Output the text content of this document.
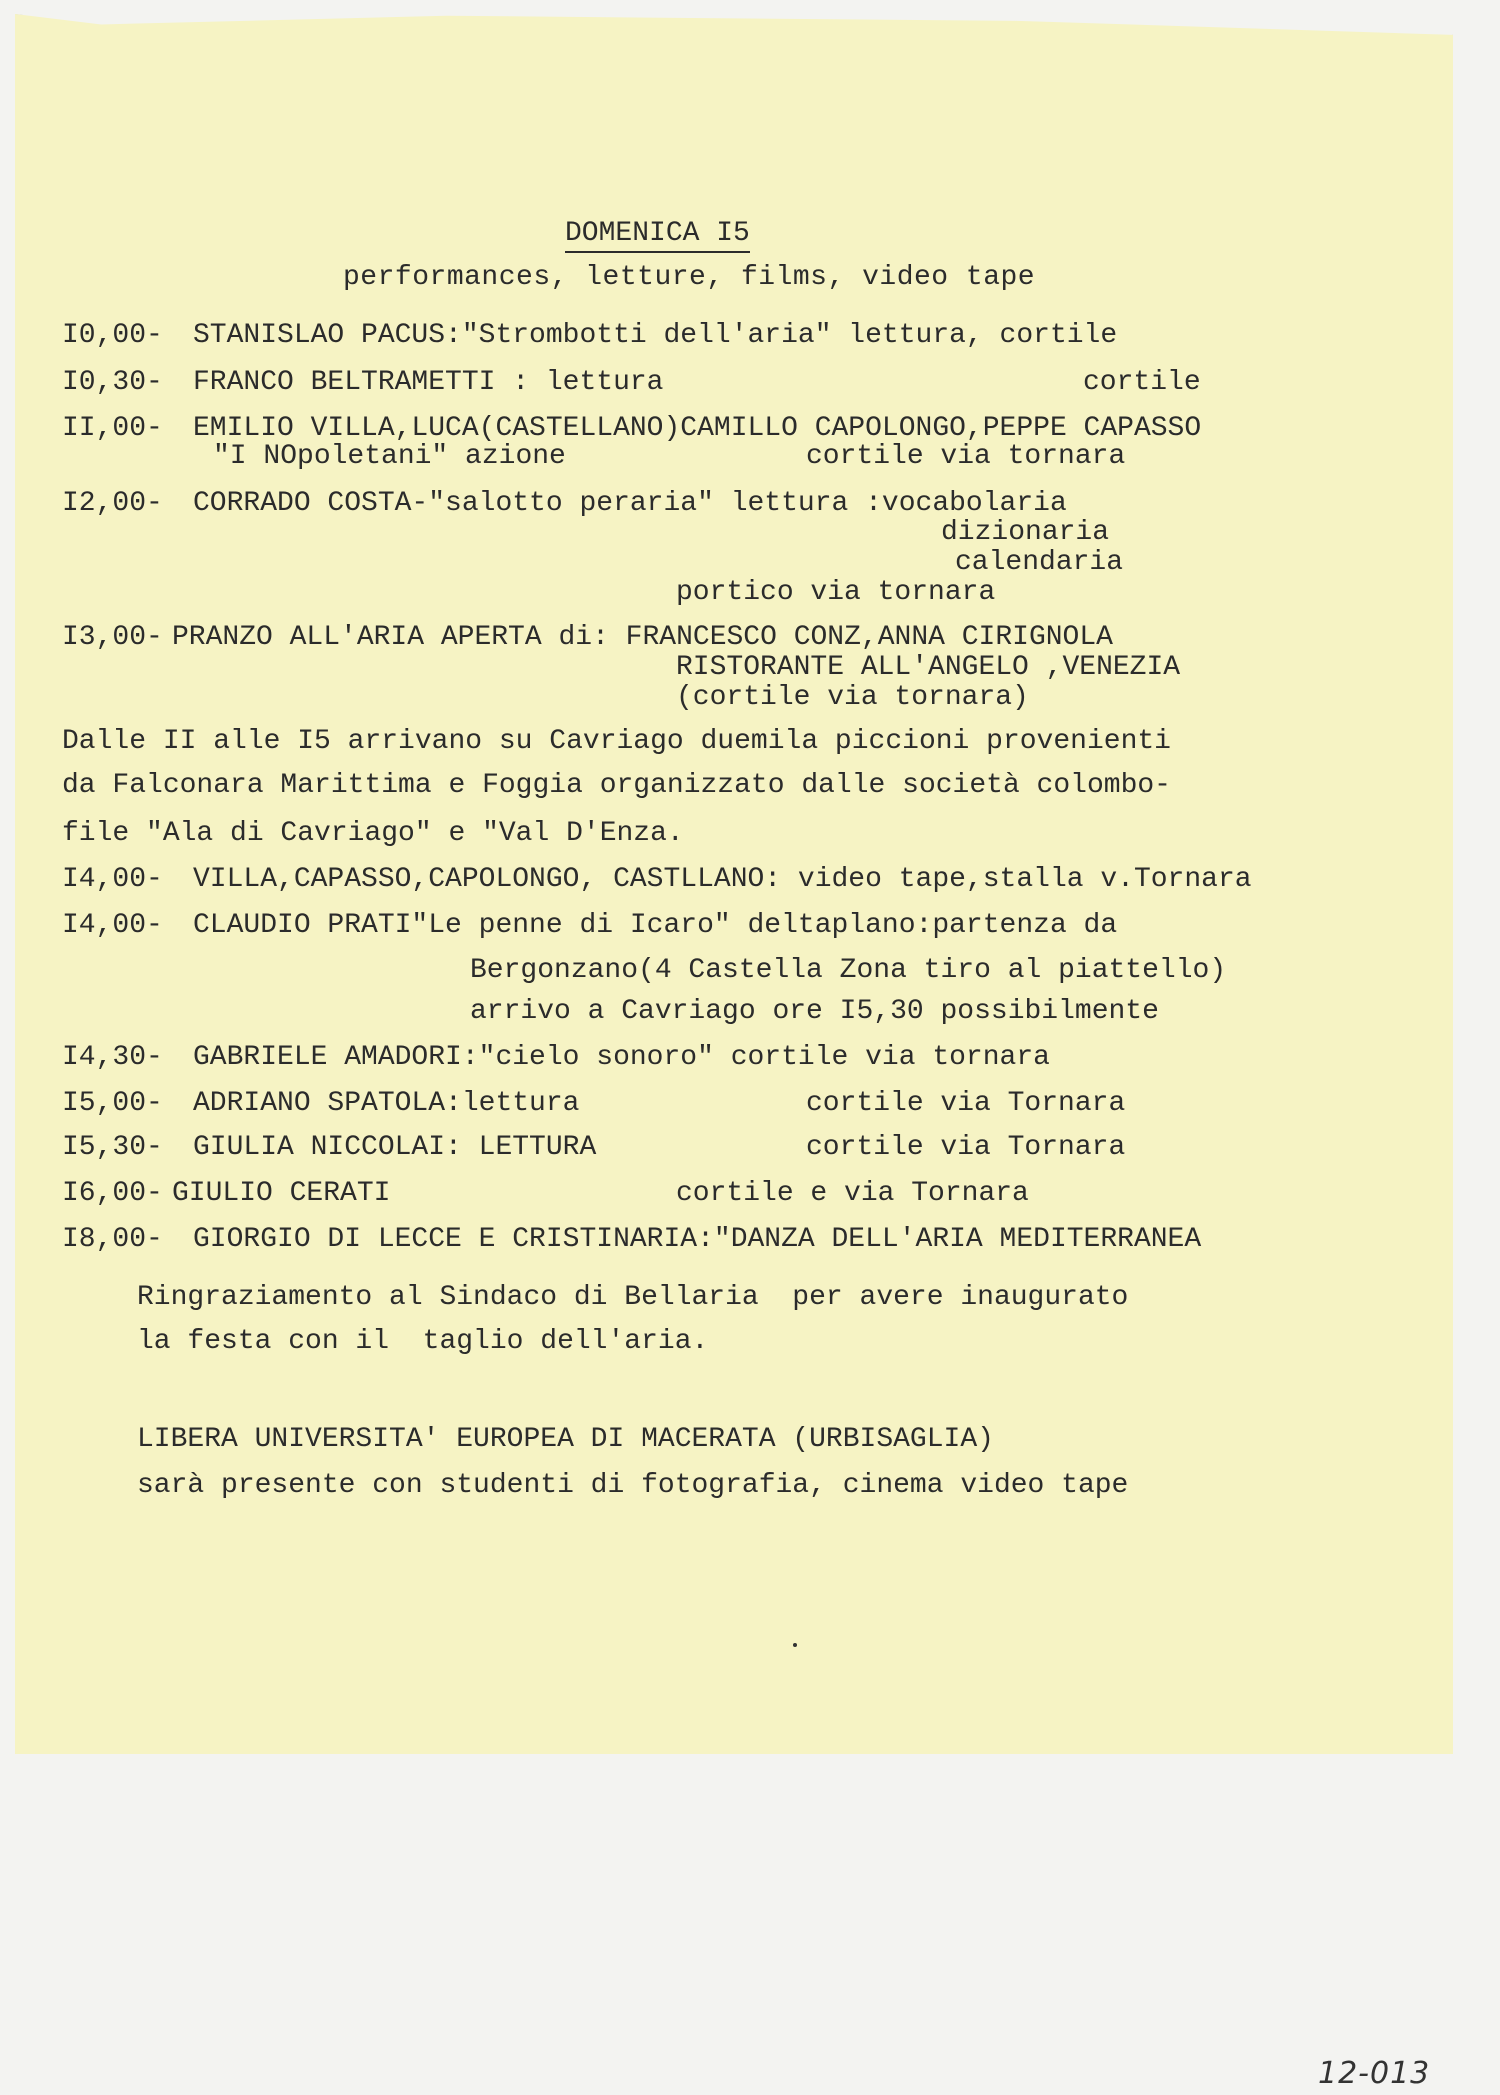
DOMENICA I5
performances, letture, films, video tape
I0,00- STANISLAO PACUS:"Strombotti dell'aria" lettura, cortile
I0,30- FRANCO BELTRAMETTI : lettura	cortile
II,00- EMILIO VILLA,LUCA(CASTELLANO)CAMILLO CAPOLONGO,PEPPE CAPASSO
"I NOpoletani" azione	cortile via tornara
I2,00- CORRADO COSTA-"salotto peraria" lettura :vocabolaria
dizionaria
calendaria
portico via tornara
I3,00- PRANZO ALL'ARIA APERTA di: FRANCESCO CONZ,ANNA CIRIGNOLA
RISTORANTE ALL'ANGELO ,VENEZIA
(cortile via tornara)
Dalle II alle I5 arrivano su Cavriago duemila piccioni provenienti
da Falconara Marittima e Foggia organizzato dalle società colombo-
file "Ala di Cavriago" e "Val D'Enza.
I4,00- VILLA,CAPASSO,CAPOLONGO, CASTLLANO: video tape,stalla v.Tornara
I4,00- CLAUDIO PRATI"Le penne di Icaro" deltaplano:partenza da
Bergonzano(4 Castella Zona tiro al piattello)
arrivo a Cavriago ore I5,30 possibilmente
I4,30- GABRIELE AMADORI:"cielo sonoro" cortile via tornara
I5,00- ADRIANO SPATOLA:lettura	cortile via Tornara
I5,30- GIULIA NICCOLAI: LETTURA	cortile via Tornara
I6,00- GIULIO CERATI	cortile e via Tornara
I8,00- GIORGIO DI LECCE E CRISTINARIA:"DANZA DELL'ARIA MEDITERRANEA
Ringraziamento al Sindaco di Bellaria  per avere inaugurato
la festa con il  taglio dell'aria.
LIBERA UNIVERSITA' EUROPEA DI MACERATA (URBISAGLIA)
sarà presente con studenti di fotografia, cinema video tape
12-013
